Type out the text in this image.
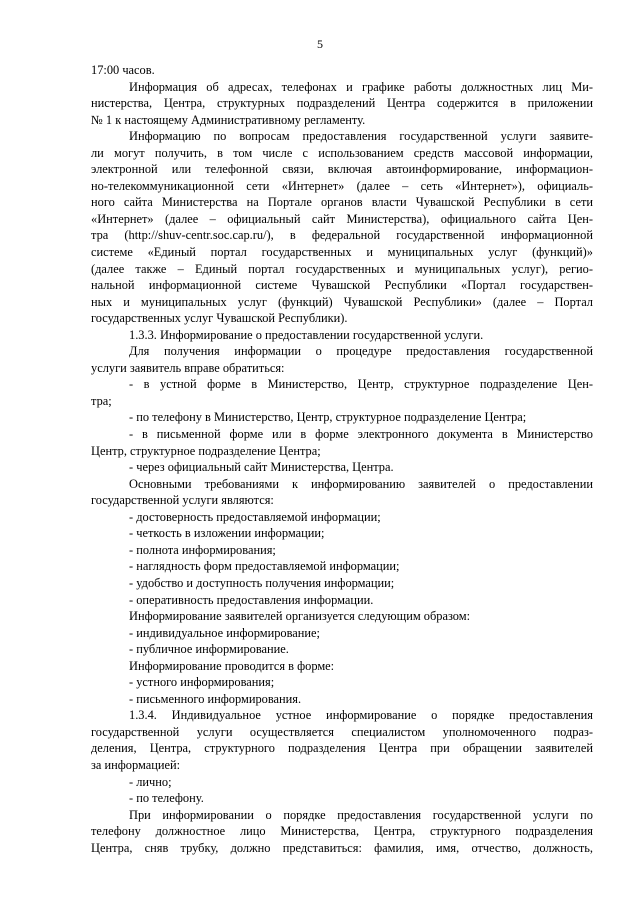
5
17:00 часов.
Информация об адресах, телефонах и графике работы должностных лиц Ми-
нистерства, Центра, структурных подразделений Центра содержится в приложении
№ 1 к настоящему Административному регламенту.
Информацию по вопросам предоставления государственной услуги заявите-
ли могут получить, в том числе с использованием средств массовой информации,
электронной или телефонной связи, включая автоинформирование, информацион-
но-телекоммуникационной сети «Интернет» (далее – сеть «Интернет»), официаль-
ного сайта Министерства на Портале органов власти Чувашской Республики в сети
«Интернет» (далее – официальный сайт Министерства), официального сайта Цен-
тра (http://shuv-centr.soc.cap.ru/), в федеральной государственной информационной
системе «Единый портал государственных и муниципальных услуг (функций)»
(далее также – Единый портал государственных и муниципальных услуг), регио-
нальной информационной системе Чувашской Республики «Портал государствен-
ных и муниципальных услуг (функций) Чувашской Республики» (далее – Портал
государственных услуг Чувашской Республики).
1.3.3. Информирование о предоставлении государственной услуги.
Для получения информации о процедуре предоставления государственной
услуги заявитель вправе обратиться:
- в устной форме в Министерство, Центр, структурное подразделение Цен-
тра;
- по телефону в Министерство, Центр, структурное подразделение Центра;
- в письменной форме или в форме электронного документа в Министерство
Центр, структурное подразделение Центра;
- через официальный сайт Министерства, Центра.
Основными требованиями к информированию заявителей о предоставлении
государственной услуги являются:
- достоверность предоставляемой информации;
- четкость в изложении информации;
- полнота информирования;
- наглядность форм предоставляемой информации;
- удобство и доступность получения информации;
- оперативность предоставления информации.
Информирование заявителей организуется следующим образом:
- индивидуальное информирование;
- публичное информирование.
Информирование проводится в форме:
- устного информирования;
- письменного информирования.
1.3.4. Индивидуальное устное информирование о порядке предоставления
государственной услуги осуществляется специалистом уполномоченного подраз-
деления, Центра, структурного подразделения Центра при обращении заявителей
за информацией:
- лично;
- по телефону.
При информировании о порядке предоставления государственной услуги по
телефону должностное лицо Министерства, Центра, структурного подразделения
Центра, сняв трубку, должно представиться: фамилия, имя, отчество, должность,
